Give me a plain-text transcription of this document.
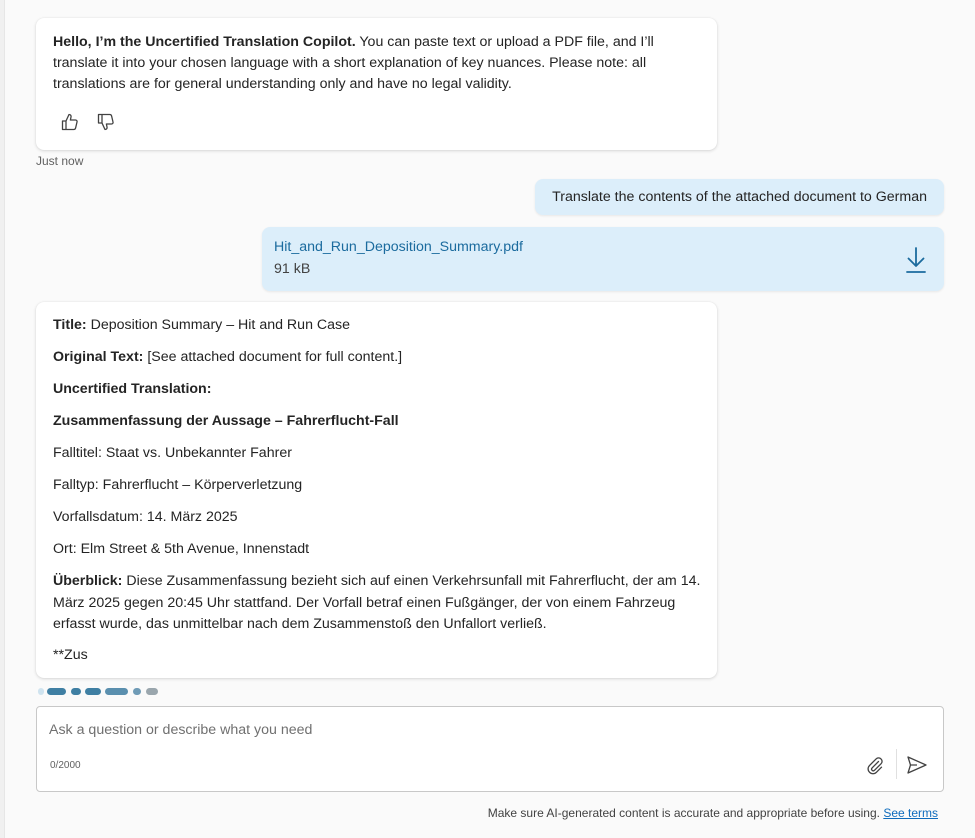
Hello, I’m the Uncertified Translation Copilot. You can paste text or upload a PDF file, and I’ll translate it into your chosen language with a short explanation of key nuances. Please note: all translations are for general understanding only and have no legal validity.
Just now
Translate the contents of the attached document to German
Hit_and_Run_Deposition_Summary.pdf
91 kB
Title: Deposition Summary – Hit and Run Case
Original Text: [See attached document for full content.]
Uncertified Translation:
Zusammenfassung der Aussage – Fahrerflucht-Fall
Falltitel: Staat vs. Unbekannter Fahrer
Falltyp: Fahrerflucht – Körperverletzung
Vorfallsdatum: 14. März 2025
Ort: Elm Street & 5th Avenue, Innenstadt
Überblick: Diese Zusammenfassung bezieht sich auf einen Verkehrsunfall mit Fahrerflucht, der am 14. März 2025 gegen 20:45 Uhr stattfand. Der Vorfall betraf einen Fußgänger, der von einem Fahrzeug erfasst wurde, das unmittelbar nach dem Zusammenstoß den Unfallort verließ.
**Zus
Ask a question or describe what you need
0/2000
Make sure AI-generated content is accurate and appropriate before using. See terms
